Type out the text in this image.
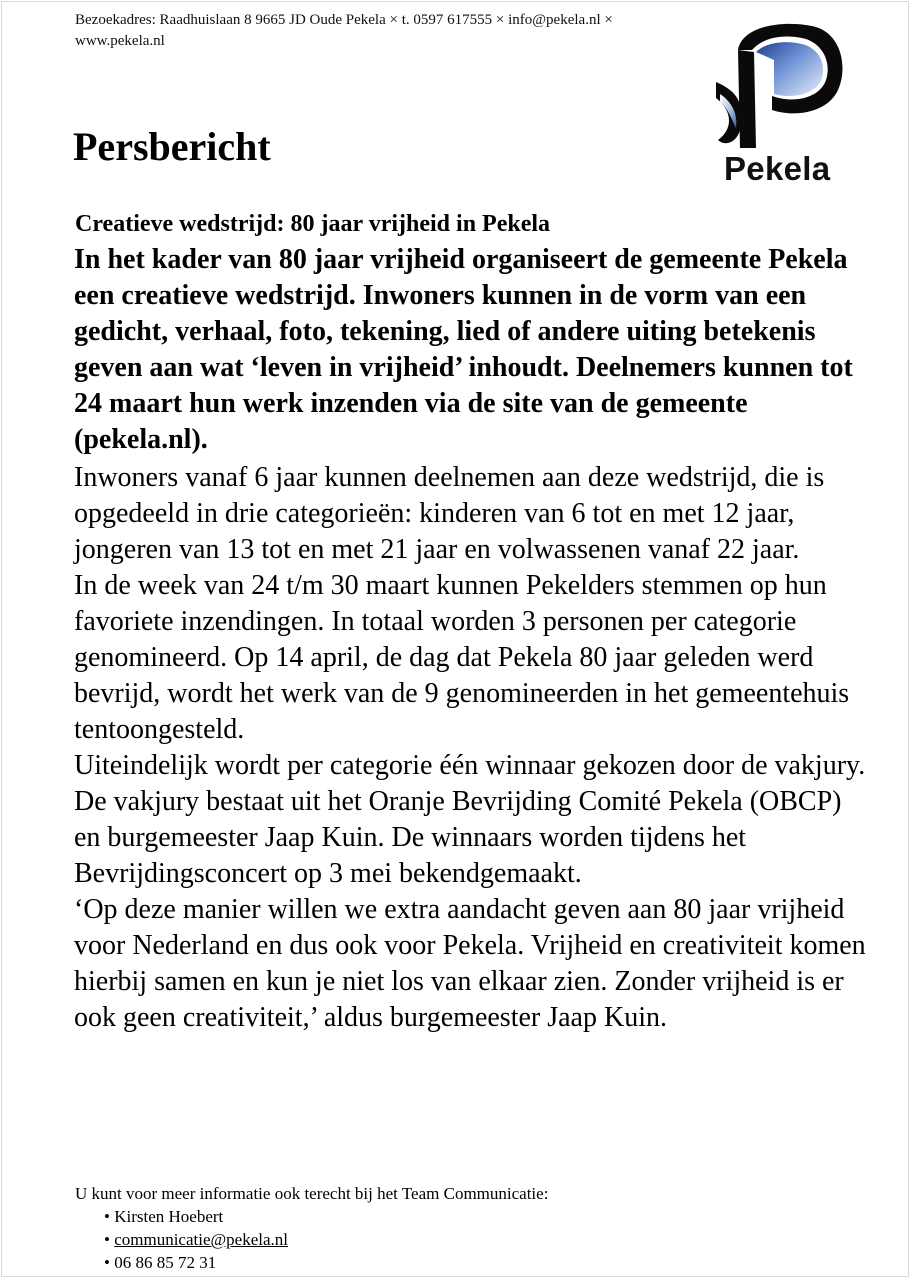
Bezoekadres: Raadhuislaan 8 9665 JD Oude Pekela × t. 0597 617555 × info@pekela.nl × www.pekela.nl
Pekela
Persbericht
Creatieve wedstrijd: 80 jaar vrijheid in Pekela

In het kader van 80 jaar vrijheid organiseert de gemeente Pekela een creatieve wedstrijd. Inwoners kunnen in de vorm van een gedicht, verhaal, foto, tekening, lied of andere uiting betekenis geven aan wat ‘leven in vrijheid’ inhoudt. Deelnemers kunnen tot 24 maart hun werk inzenden via de site van de gemeente (pekela.nl).

Inwoners vanaf 6 jaar kunnen deelnemen aan deze wedstrijd, die is opgedeeld in drie categorieën: kinderen van 6 tot en met 12 jaar, jongeren van 13 tot en met 21 jaar en volwassenen vanaf 22 jaar.

In de week van 24 t/m 30 maart kunnen Pekelders stemmen op hun favoriete inzendingen. In totaal worden 3 personen per categorie genomineerd. Op 14 april, de dag dat Pekela 80 jaar geleden werd bevrijd, wordt het werk van de 9 genomineerden in het gemeentehuis tentoongesteld.

Uiteindelijk wordt per categorie één winnaar gekozen door de vakjury. De vakjury bestaat uit het Oranje Bevrijding Comité Pekela (OBCP) en burgemeester Jaap Kuin. De winnaars worden tijdens het Bevrijdingsconcert op 3 mei bekendgemaakt.

‘Op deze manier willen we extra aandacht geven aan 80 jaar vrijheid voor Nederland en dus ook voor Pekela. Vrijheid en creativiteit komen hierbij samen en kun je niet los van elkaar zien. Zonder vrijheid is er ook geen creativiteit,’ aldus burgemeester Jaap Kuin.

U kunt voor meer informatie ook terecht bij het Team Communicatie:
• Kirsten Hoebert
• communicatie@pekela.nl
• 06 86 85 72 31
